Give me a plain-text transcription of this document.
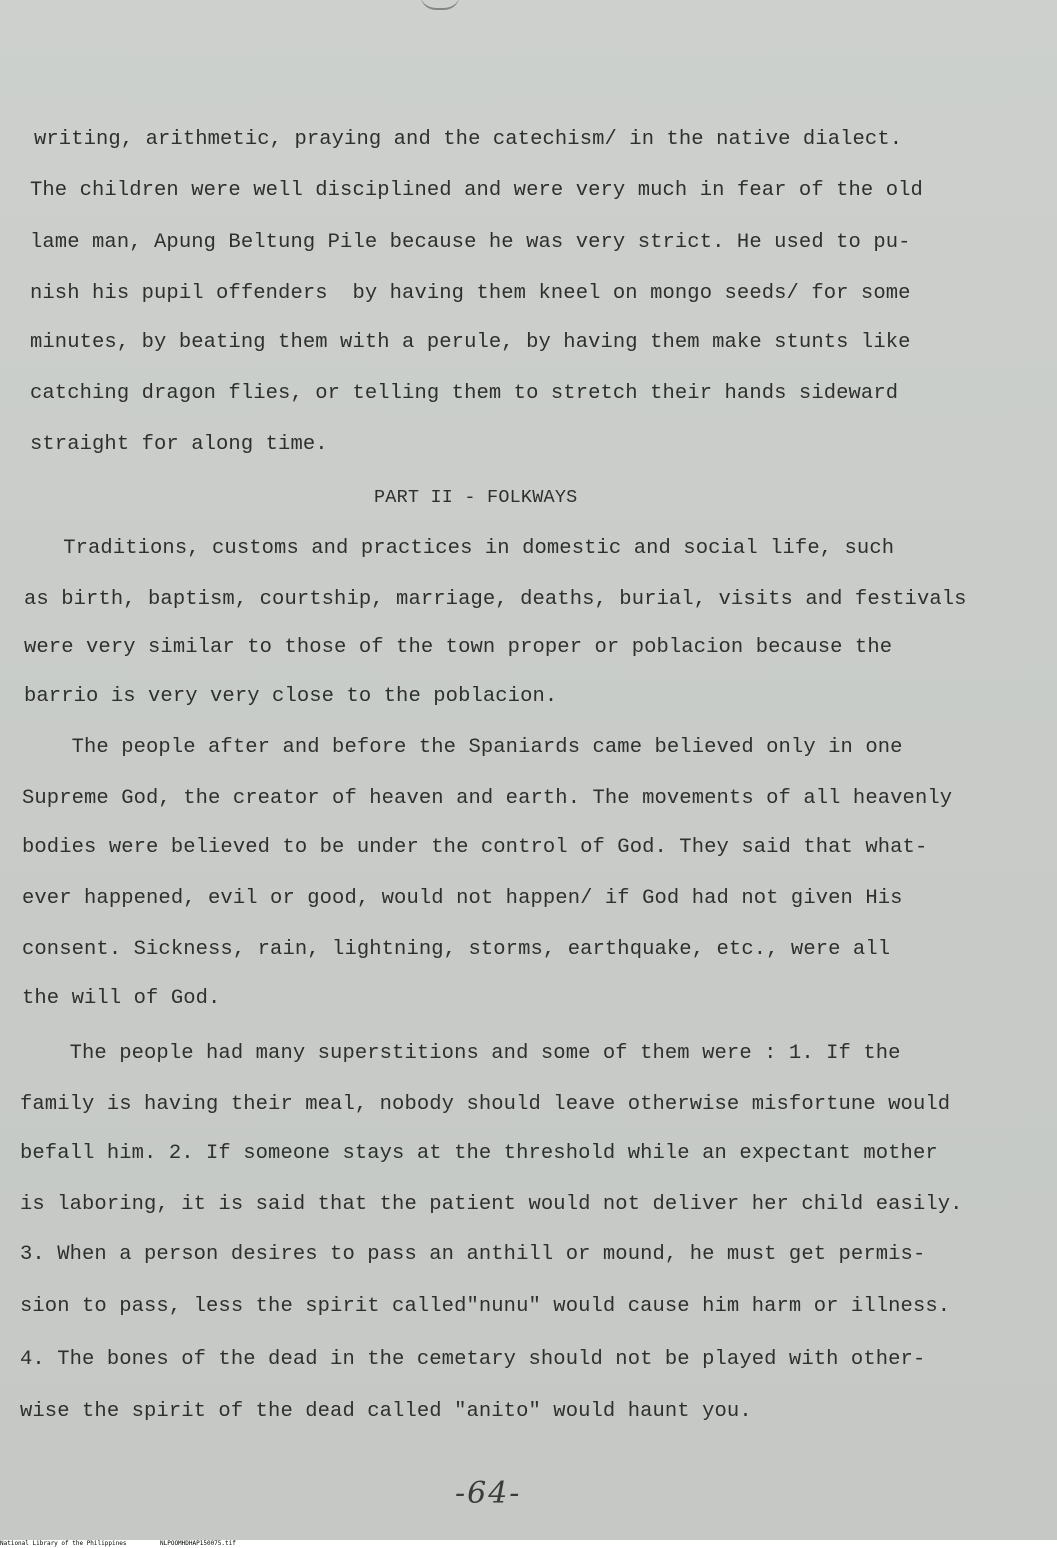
writing, arithmetic, praying and the catechism/ in the native dialect.
The children were well disciplined and were very much in fear of the old
lame man, Apung Beltung Pile because he was very strict. He used to pu-
nish his pupil offenders  by having them kneel on mongo seeds/ for some
minutes, by beating them with a perule, by having them make stunts like
catching dragon flies, or telling them to stretch their hands sideward
straight for along time.
PART II - FOLKWAYS
Traditions, customs and practices in domestic and social life, such
as birth, baptism, courtship, marriage, deaths, burial, visits and festivals
were very similar to those of the town proper or poblacion because the
barrio is very very close to the poblacion.
The people after and before the Spaniards came believed only in one
Supreme God, the creator of heaven and earth. The movements of all heavenly
bodies were believed to be under the control of God. They said that what-
ever happened, evil or good, would not happen/ if God had not given His
consent. Sickness, rain, lightning, storms, earthquake, etc., were all
the will of God.
The people had many superstitions and some of them were : 1. If the
family is having their meal, nobody should leave otherwise misfortune would
befall him. 2. If someone stays at the threshold while an expectant mother
is laboring, it is said that the patient would not deliver her child easily.
3. When a person desires to pass an anthill or mound, he must get permis-
sion to pass, less the spirit called"nunu" would cause him harm or illness.
4. The bones of the dead in the cemetary should not be played with other-
wise the spirit of the dead called "anito" would haunt you.
-64-

National Library of the Philippines

	NLPOOMHDHAP150075.tif
